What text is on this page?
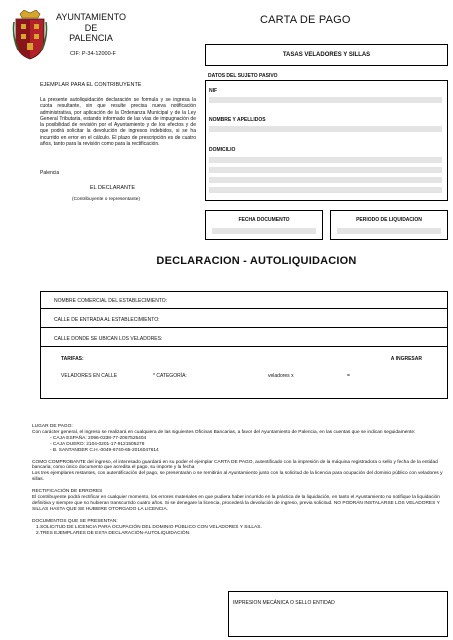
AYUNTAMIENTO
DE
PALENCIA
CIF: P-34-12000-F
CARTA DE PAGO
TASAS VELADORES Y SILLAS
EJEMPLAR PARA EL CONTRIBUYENTE
La presente autoliquidación declaración se formula y se ingresa la cuota resultante, sin que resulte precisa nueva notificación administrativa, por aplicación de la Ordenanza Municipal y de la Ley General Tributaria, estando informado de las vías de impugnación de la posibilidad de revisión por el Ayuntamiento y de los efectos y de que podrá solicitar la devolución de ingresos indebidos, si se ha incurrido en error en el cálculo. El plazo de prescripción es de cuatro años, tanto para la revisión como para la rectificación.
Palencia
EL DECLARANTE
(Contribuyente o representante)
DATOS DEL SUJETO PASIVO
NIF
NOMBRE Y APELLIDOS
DOMICILIO
FECHA DOCUMENTO	PERIODO DE LIQUIDACION
DECLARACION - AUTOLIQUIDACION
NOMBRE COMERCIAL DEL ESTABLECIMIENTO:
CALLE DE ENTRADA AL ESTABLECIMIENTO:
CALLE DONDE SE UBICAN LOS VELADORES:
TARIFAS:	A INGRESAR
VELADORES EN CALLE	* CATEGORÍA:	veladores x	=
LUGAR DE PAGO:
Con carácter general, el ingreso se realizará en cualquiera de las siguientes Oficinas Bancarias, a favor del Ayuntamiento de Palencia, en las cuentas que se indican seguidamente:
- CAJA ESPAÑA: 2096-0338-77-2067525404
- CAJA DUERO: 2104-0201-17-9121505278
- B. SANTANDER C.H.-0049-6740-65-2016047614
COMO COMPROBANTE del ingreso, el interesado guardará en su poder el ejemplar CARTA DE PAGO, autentificado con la impresión de la máquina registradora o sello y fecha de la entidad bancaria; como único documento que acredita el pago, su importe y la fecha
Los tres ejemplares restantes, con autentificación del pago, se presentarán o se remitirán al Ayuntamiento junto con la solicitud de la licencia para ocupación del dominio público con veladores y sillas.
RECTIFICACIÓN DE ERRORES
El contribuyente podrá rectificar en cualquier momento, los errores materiales en que pudiera haber incurrido en la práctica de la liquidación, en tanto el Ayuntamiento no notifique la liquidación definitiva y siempre que no hubieran transcurrido cuatro años. Si se denegare la licencia, procederá la devolución de ingreso, previa solicitud. NO PODRÁN INSTALARSE LOS VELADORES Y SILLAS HASTA QUE SE HUBIERE OTORGADO LA LICENCIA.
DOCUMENTOS QUE SE PRESENTAN:
1.SOLICITUD DE LICENCIA PARA OCUPACIÓN DEL DOMINIO PÚBLICO CON VELADORES Y SILLAS.
2.TRES EJEMPLARES DE ESTA DECLARACIÓN-AUTOLIQUIDACIÓN.
IMPRESION MECÁNICA O SELLO ENTIDAD
